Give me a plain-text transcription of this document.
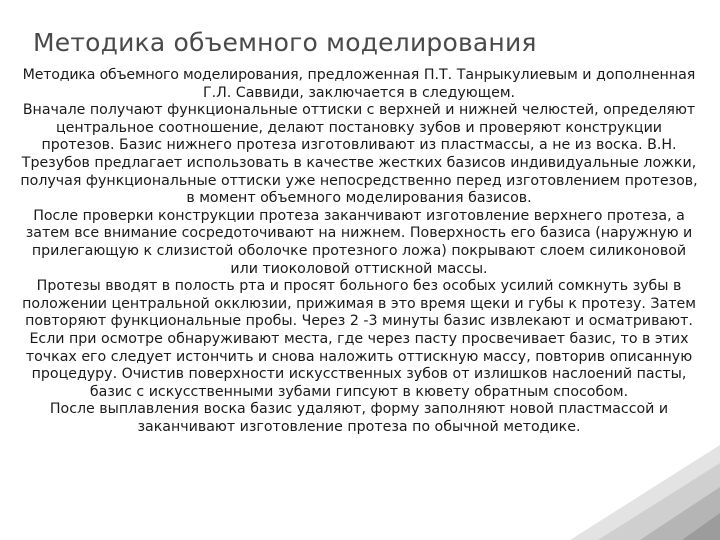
Методика объемного моделирования

Методика объемного моделирования, предложенная П.Т. Танрыкулиевым и дополненная Г.Л. Саввиди, заключается в следующем.

Вначале получают функциональные оттиски с верхней и нижней челюстей, определяют центральное соотношение, делают постановку зубов и проверяют конструкции протезов. Базис нижнего протеза изготовливают из пластмассы, а не из воска. В.Н. Трезубов предлагает использовать в качестве жестких базисов индивидуальные ложки, получая функциональные оттиски уже непосредственно перед изготовлением протезов, в момент объемного моделирования базисов.

После проверки конструкции протеза заканчивают изготовление верхнего протеза, а затем все внимание сосредоточивают на нижнем. Поверхность его базиса (наружную и прилегающую к слизистой оболочке протезного ложа) покрывают слоем силиконовой или тиоколовой оттискной массы.

Протезы вводят в полость рта и просят больного без особых усилий сомкнуть зубы в положении центральной окклюзии, прижимая в это время щеки и губы к протезу. Затем повторяют функциональные пробы. Через 2 -3 минуты базис извлекают и осматривают. Если при осмотре обнаруживают места, где через пасту просвечивает базис, то в этих точках его следует истончить и снова наложить оттискную массу, повторив описанную процедуру. Очистив поверхности искусственных зубов от излишков наслоений пасты, базис с искусственными зубами гипсуют в кювету обратным способом.

После выплавления воска базис удаляют, форму заполняют новой пластмассой и заканчивают изготовление протеза по обычной методике.
